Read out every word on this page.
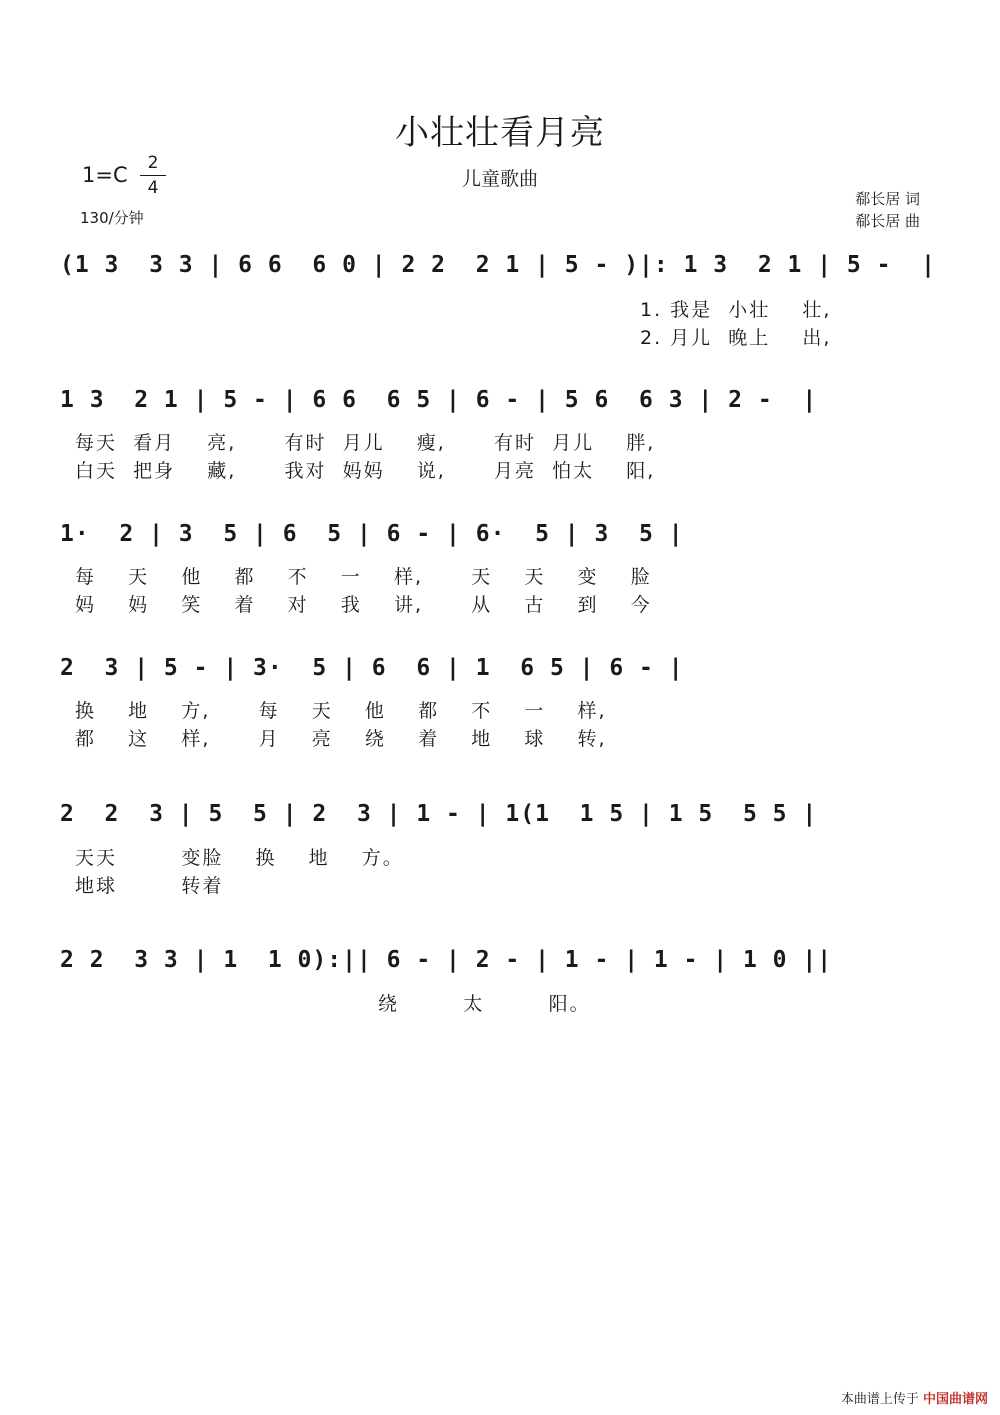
小壮壮看月亮
儿童歌曲
1=C	2
4
130/分钟
郗长居 词
郗长居 曲
(1 3  3 3 | 6 6  6 0 | 2 2  2 1 | 5 - )|: 1 3  2 1 | 5 -  |
1. 我是  小壮    壮,
2. 月儿  晚上    出,
1 3  2 1 | 5 - | 6 6  6 5 | 6 - | 5 6  6 3 | 2 -  |
每天  看月    亮,      有时  月儿    瘦,      有时  月儿    胖,
白天  把身    藏,      我对  妈妈    说,      月亮  怕太    阳,
1·  2 | 3  5 | 6  5 | 6 - | 6·  5 | 3  5 |
每    天    他    都    不    一    样,      天    天    变    脸
妈    妈    笑    着    对    我    讲,      从    古    到    今
2  3 | 5 - | 3·  5 | 6  6 | 1  6 5 | 6 - |
换    地    方,      每    天    他    都    不    一    样,
都    这    样,      月    亮    绕    着    地    球    转,
2  2  3 | 5  5 | 2  3 | 1 - | 1(1  1 5 | 1 5  5 5 |
天天        变脸    换    地    方。
地球        转着
2 2  3 3 | 1  1 0):|| 6 - | 2 - | 1 - | 1 - | 1 0 ||
绕        太        阳。
本曲谱上传于 中国曲谱网
